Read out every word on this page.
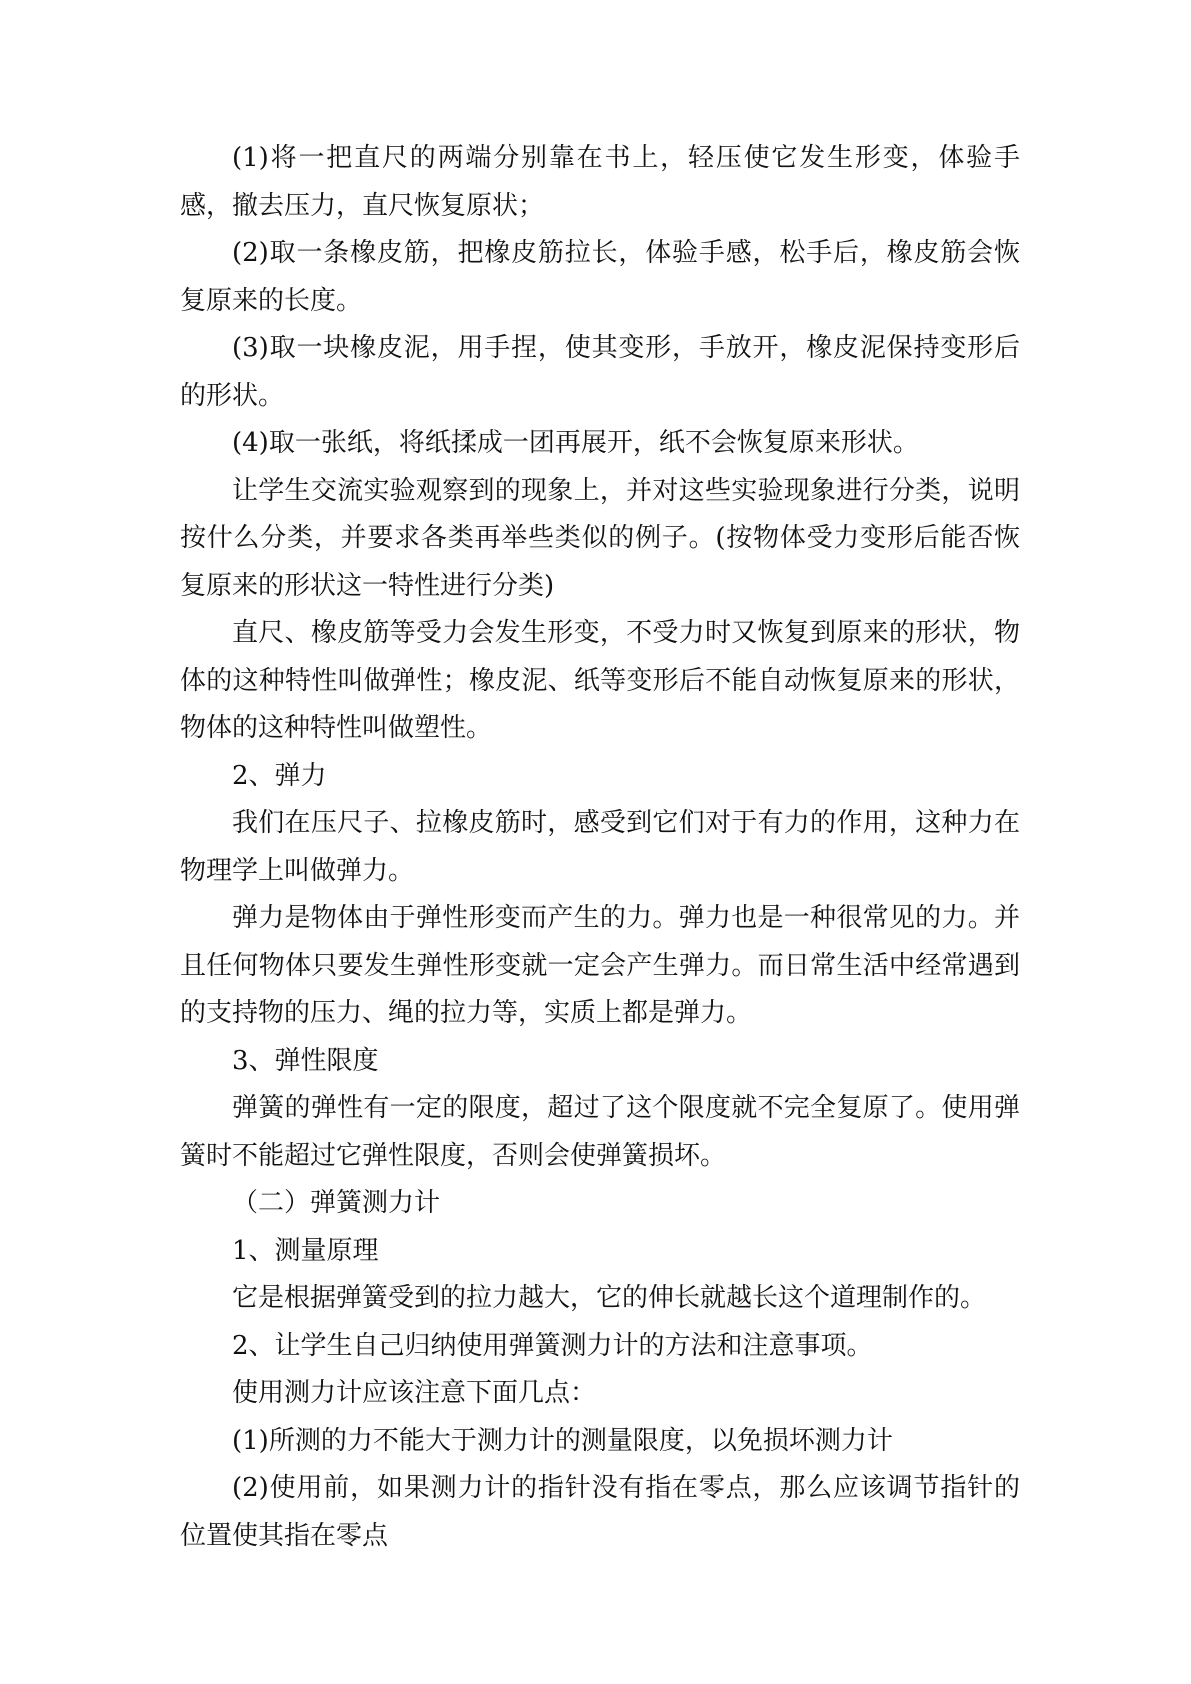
(1)将一把直尺的两端分别靠在书上，轻压使它发生形变，体验手感，撤去压力，直尺恢复原状；

(2)取一条橡皮筋，把橡皮筋拉长，体验手感，松手后，橡皮筋会恢复原来的长度。

(3)取一块橡皮泥，用手捏，使其变形，手放开，橡皮泥保持变形后的形状。

(4)取一张纸，将纸揉成一团再展开，纸不会恢复原来形状。

让学生交流实验观察到的现象上，并对这些实验现象进行分类，说明按什么分类，并要求各类再举些类似的例子。(按物体受力变形后能否恢复原来的形状这一特性进行分类)

直尺、橡皮筋等受力会发生形变，不受力时又恢复到原来的形状，物体的这种特性叫做弹性；橡皮泥、纸等变形后不能自动恢复原来的形状，物体的这种特性叫做塑性。

2、弹力

我们在压尺子、拉橡皮筋时，感受到它们对于有力的作用，这种力在物理学上叫做弹力。

弹力是物体由于弹性形变而产生的力。弹力也是一种很常见的力。并且任何物体只要发生弹性形变就一定会产生弹力。而日常生活中经常遇到的支持物的压力、绳的拉力等，实质上都是弹力。

3、弹性限度

弹簧的弹性有一定的限度，超过了这个限度就不完全复原了。使用弹簧时不能超过它弹性限度，否则会使弹簧损坏。

（二）弹簧测力计

1、测量原理

它是根据弹簧受到的拉力越大，它的伸长就越长这个道理制作的。

2、让学生自己归纳使用弹簧测力计的方法和注意事项。

使用测力计应该注意下面几点：

(1)所测的力不能大于测力计的测量限度，以免损坏测力计

(2)使用前，如果测力计的指针没有指在零点，那么应该调节指针的位置使其指在零点
